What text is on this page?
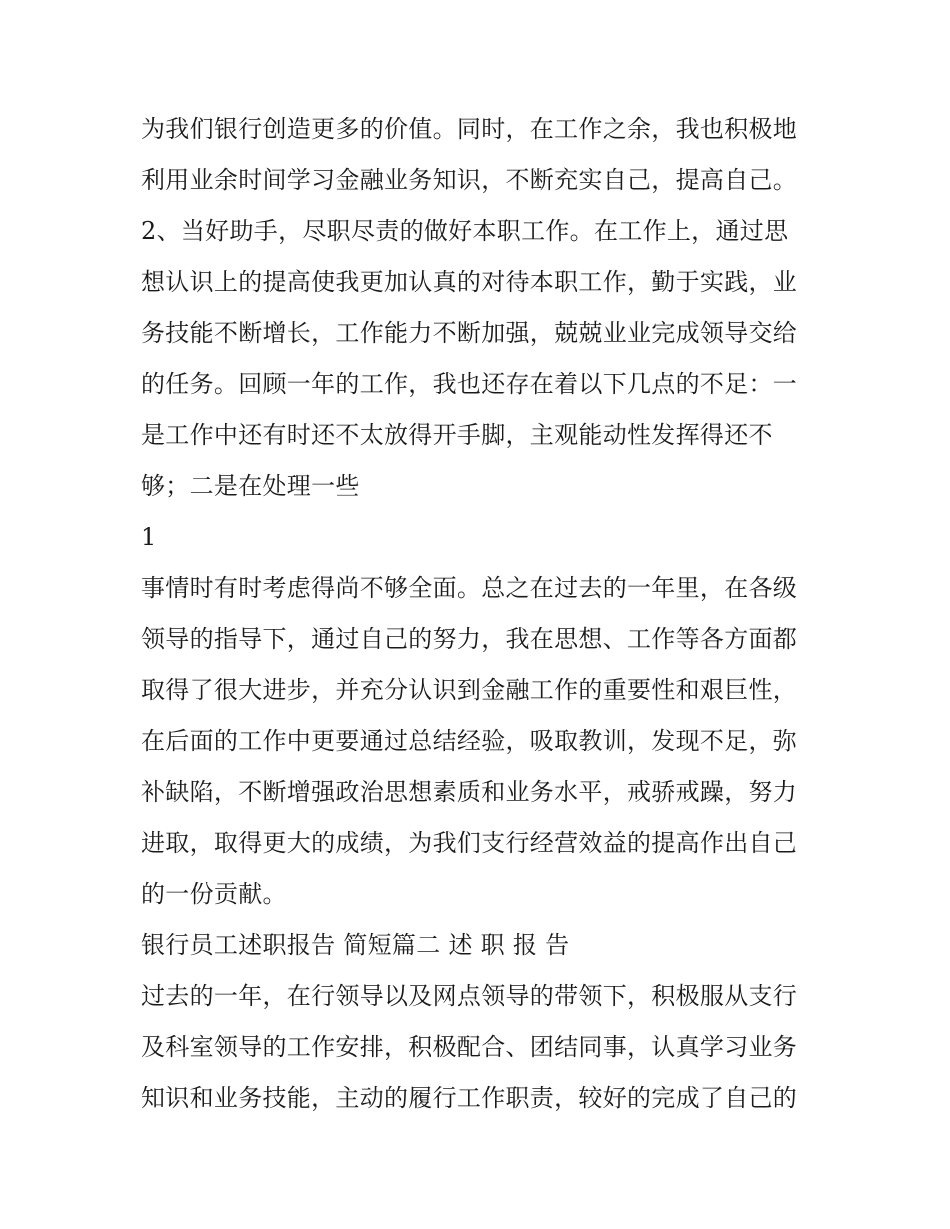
为我们银行创造更多的价值。同时，在工作之余，我也积极地
利用业余时间学习金融业务知识，不断充实自己，提高自己。
2、当好助手，尽职尽责的做好本职工作。在工作上，通过思
想认识上的提高使我更加认真的对待本职工作，勤于实践，业
务技能不断增长，工作能力不断加强，兢兢业业完成领导交给
的任务。回顾一年的工作，我也还存在着以下几点的不足：一
是工作中还有时还不太放得开手脚，主观能动性发挥得还不
够；二是在处理一些
1
事情时有时考虑得尚不够全面。总之在过去的一年里，在各级
领导的指导下，通过自己的努力，我在思想、工作等各方面都
取得了很大进步，并充分认识到金融工作的重要性和艰巨性，
在后面的工作中更要通过总结经验，吸取教训，发现不足，弥
补缺陷，不断增强政治思想素质和业务水平，戒骄戒躁，努力
进取，取得更大的成绩，为我们支行经营效益的提高作出自己
的一份贡献。
银行员工述职报告 简短篇二 述 职 报 告
过去的一年，在行领导以及网点领导的带领下，积极服从支行
及科室领导的工作安排，积极配合、团结同事，认真学习业务
知识和业务技能，主动的履行工作职责，较好的完成了自己的
